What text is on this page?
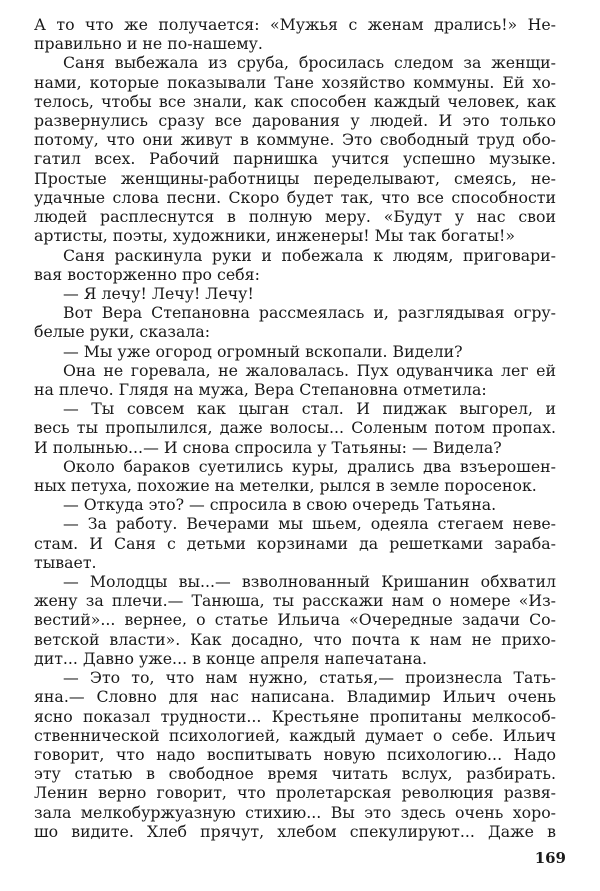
А то что же получается: «Мужья с женам дрались!» Не-
правильно и не по-нашему.
Саня выбежала из сруба, бросилась следом за женщи-
нами, которые показывали Тане хозяйство коммуны. Ей хо-
телось, чтобы все знали, как способен каждый человек, как
развернулись сразу все дарования у людей. И это только
потому, что они живут в коммуне. Это свободный труд обо-
гатил всех. Рабочий парнишка учится успешно музыке.
Простые женщины-работницы переделывают, смеясь, не-
удачные слова песни. Скоро будет так, что все способности
людей расплеснутся в полную меру. «Будут у нас свои
артисты, поэты, художники, инженеры! Мы так богаты!»
Саня раскинула руки и побежала к людям, приговари-
вая восторженно про себя:
— Я лечу! Лечу! Лечу!
Вот Вера Степановна рассмеялась и, разглядывая огру-
белые руки, сказала:
— Мы уже огород огромный вскопали. Видели?
Она не горевала, не жаловалась. Пух одуванчика лег ей
на плечо. Глядя на мужа, Вера Степановна отметила:
— Ты совсем как цыган стал. И пиджак выгорел, и
весь ты пропылился, даже волосы... Соленым потом пропах.
И полынью...— И снова спросила у Татьяны: — Видела?
Около бараков суетились куры, дрались два взъерошен-
ных петуха, похожие на метелки, рылся в земле поросенок.
— Откуда это? — спросила в свою очередь Татьяна.
— За работу. Вечерами мы шьем, одеяла стегаем неве-
стам. И Саня с детьми корзинами да решетками зараба-
тывает.
— Молодцы вы...— взволнованный Кришанин обхватил
жену за плечи.— Танюша, ты расскажи нам о номере «Из-
вестий»... вернее, о статье Ильича «Очередные задачи Со-
ветской власти». Как досадно, что почта к нам не прихо-
дит... Давно уже... в конце апреля напечатана.
— Это то, что нам нужно, статья,— произнесла Тать-
яна.— Словно для нас написана. Владимир Ильич очень
ясно показал трудности... Крестьяне пропитаны мелкособ-
ственнической психологией, каждый думает о себе. Ильич
говорит, что надо воспитывать новую психологию... Надо
эту статью в свободное время читать вслух, разбирать.
Ленин верно говорит, что пролетарская революция развя-
зала мелкобуржуазную стихию... Вы это здесь очень хоро-
шо видите. Хлеб прячут, хлебом спекулируют... Даже в
169
